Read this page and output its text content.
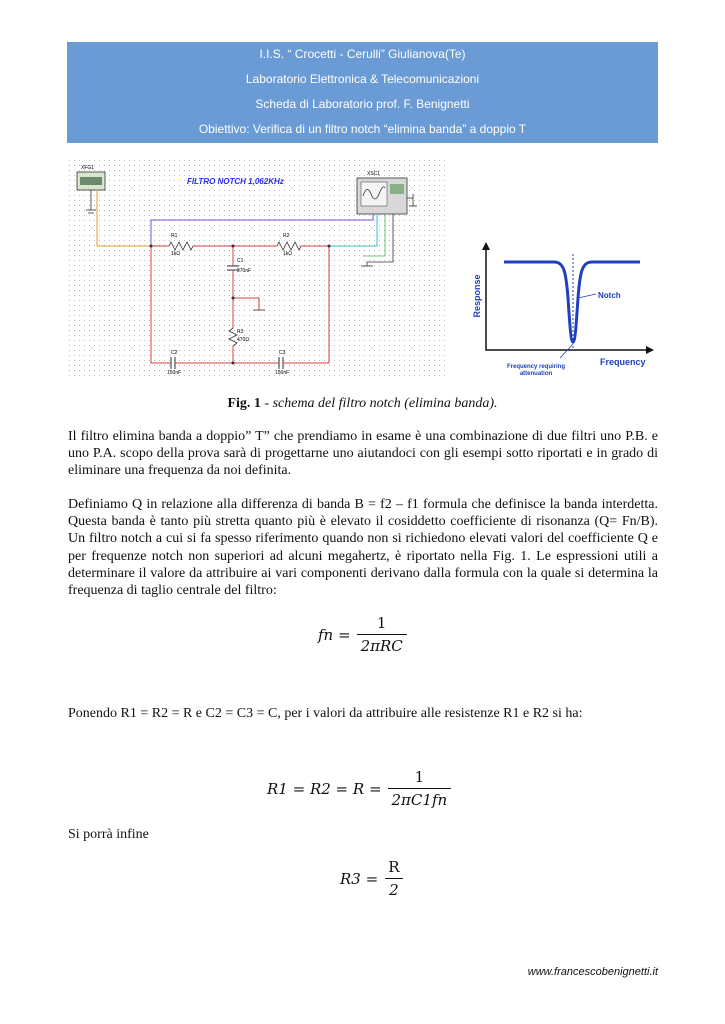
I.I.S. “ Crocetti - Cerulli” Giulianova(Te)
Laboratorio Elettronica & Telecomunicazioni
Scheda di Laboratorio prof. F. Benignetti
Obiettivo: Verifica di un filtro notch “elimina banda” a doppio T
XFG1
FILTRO NOTCH 1,062KHz
XSC1
R1
1kΩ
R2
1kΩ
C2
150nF
C3
150nF
C1
270nF
R3
470Ω
Response
Frequency
Notch
Frequency requiring
attenuation
Fig. 1 - schema del filtro notch (elimina banda).

Il filtro elimina banda a doppio” T” che prendiamo in esame è una combinazione di due filtri uno P.B. e uno P.A. scopo della prova sarà di progettarne uno aiutandoci con gli esempi sotto riportati e in grado di eliminare una frequenza da noi definita.

Definiamo Q in relazione alla differenza di banda B = f2 – f1 formula che definisce la banda interdetta. Questa banda è tanto più stretta quanto più è elevato il cosiddetto coefficiente di risonanza (Q= Fn/B). Un filtro notch a cui si fa spesso riferimento quando non si richiedono elevati valori del coefficiente Q e per frequenze notch non superiori ad alcuni megahertz, è riportato nella Fig. 1. Le espressioni utili a determinare il valore da attribuire ai vari componenti derivano dalla formula con la quale si determina la frequenza di taglio centrale del filtro:

fn = $\frac{1}{\text{2πRC}}$

Ponendo R1 = R2 = R e C2 = C3 = C, per i valori da attribuire alle resistenze R1 e R2 si ha:

$R1 = R2 = R = \frac{1}{2\pi C1fn}$

Si porrà infine

$R3 = \frac{R}{2}$
www.francescobenignetti.it
